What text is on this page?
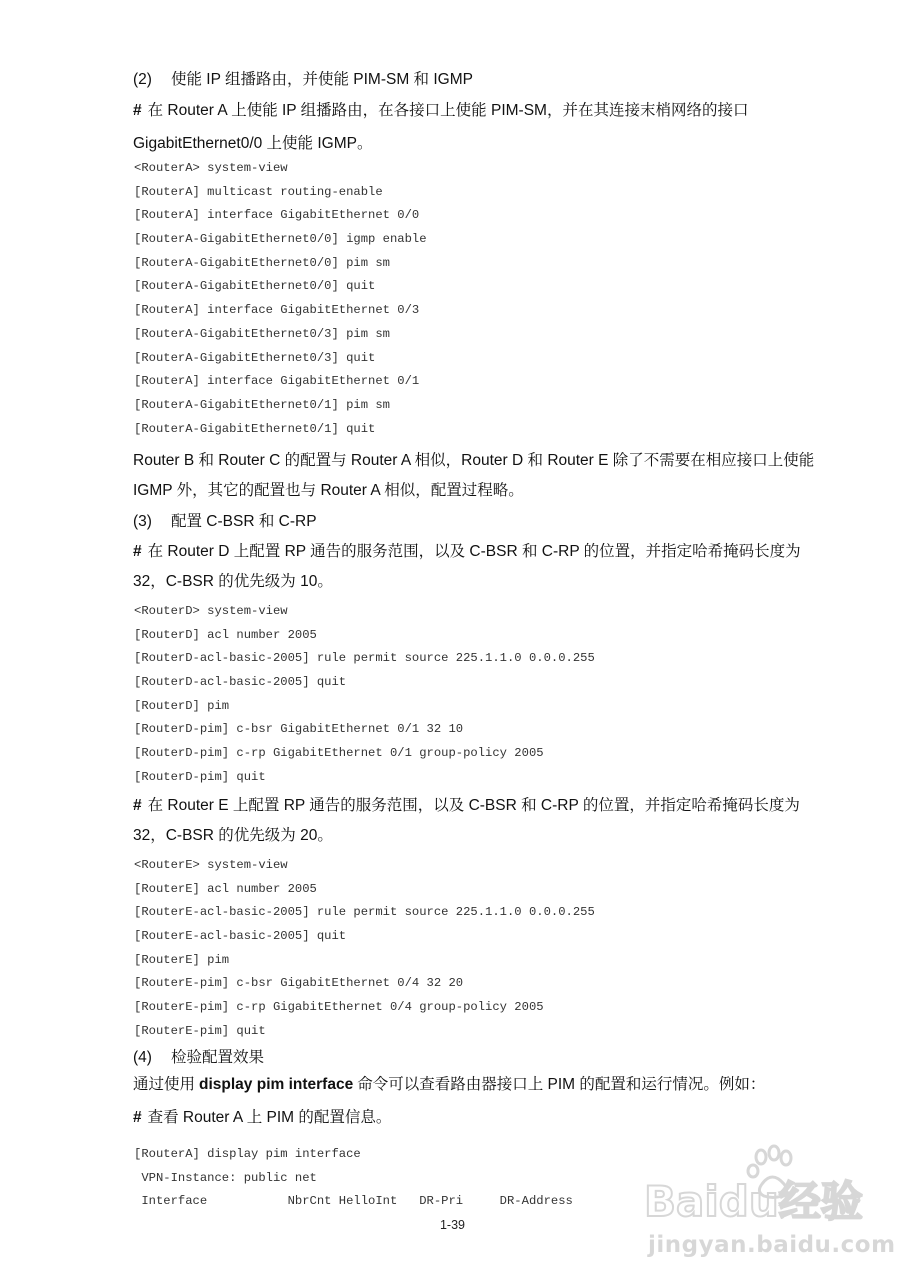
(2) 使能 IP 组播路由，并使能 PIM-SM 和 IGMP
# 在 Router A 上使能 IP 组播路由，在各接口上使能 PIM-SM，并在其连接末梢网络的接口 GigabitEthernet0/0 上使能 IGMP。
<RouterA> system-view
[RouterA] multicast routing-enable
[RouterA] interface GigabitEthernet 0/0
[RouterA-GigabitEthernet0/0] igmp enable
[RouterA-GigabitEthernet0/0] pim sm
[RouterA-GigabitEthernet0/0] quit
[RouterA] interface GigabitEthernet 0/3
[RouterA-GigabitEthernet0/3] pim sm
[RouterA-GigabitEthernet0/3] quit
[RouterA] interface GigabitEthernet 0/1
[RouterA-GigabitEthernet0/1] pim sm
[RouterA-GigabitEthernet0/1] quit
Router B 和 Router C 的配置与 Router A 相似，Router D 和 Router E 除了不需要在相应接口上使能 IGMP 外，其它的配置也与 Router A 相似，配置过程略。
(3) 配置 C-BSR 和 C-RP
# 在 Router D 上配置 RP 通告的服务范围，以及 C-BSR 和 C-RP 的位置，并指定哈希掩码长度为 32，C-BSR 的优先级为 10。
<RouterD> system-view
[RouterD] acl number 2005
[RouterD-acl-basic-2005] rule permit source 225.1.1.0 0.0.0.255
[RouterD-acl-basic-2005] quit
[RouterD] pim
[RouterD-pim] c-bsr GigabitEthernet 0/1 32 10
[RouterD-pim] c-rp GigabitEthernet 0/1 group-policy 2005
[RouterD-pim] quit
# 在 Router E 上配置 RP 通告的服务范围，以及 C-BSR 和 C-RP 的位置，并指定哈希掩码长度为 32，C-BSR 的优先级为 20。
<RouterE> system-view
[RouterE] acl number 2005
[RouterE-acl-basic-2005] rule permit source 225.1.1.0 0.0.0.255
[RouterE-acl-basic-2005] quit
[RouterE] pim
[RouterE-pim] c-bsr GigabitEthernet 0/4 32 20
[RouterE-pim] c-rp GigabitEthernet 0/4 group-policy 2005
[RouterE-pim] quit
(4) 检验配置效果
通过使用 display pim interface 命令可以查看路由器接口上 PIM 的配置和运行情况。例如：
# 查看 Router A 上 PIM 的配置信息。
[RouterA] display pim interface
VPN-Instance: public net
Interface           NbrCnt HelloInt   DR-Pri     DR-Address
1-39	Baidu经验
jingyan.baidu.com
